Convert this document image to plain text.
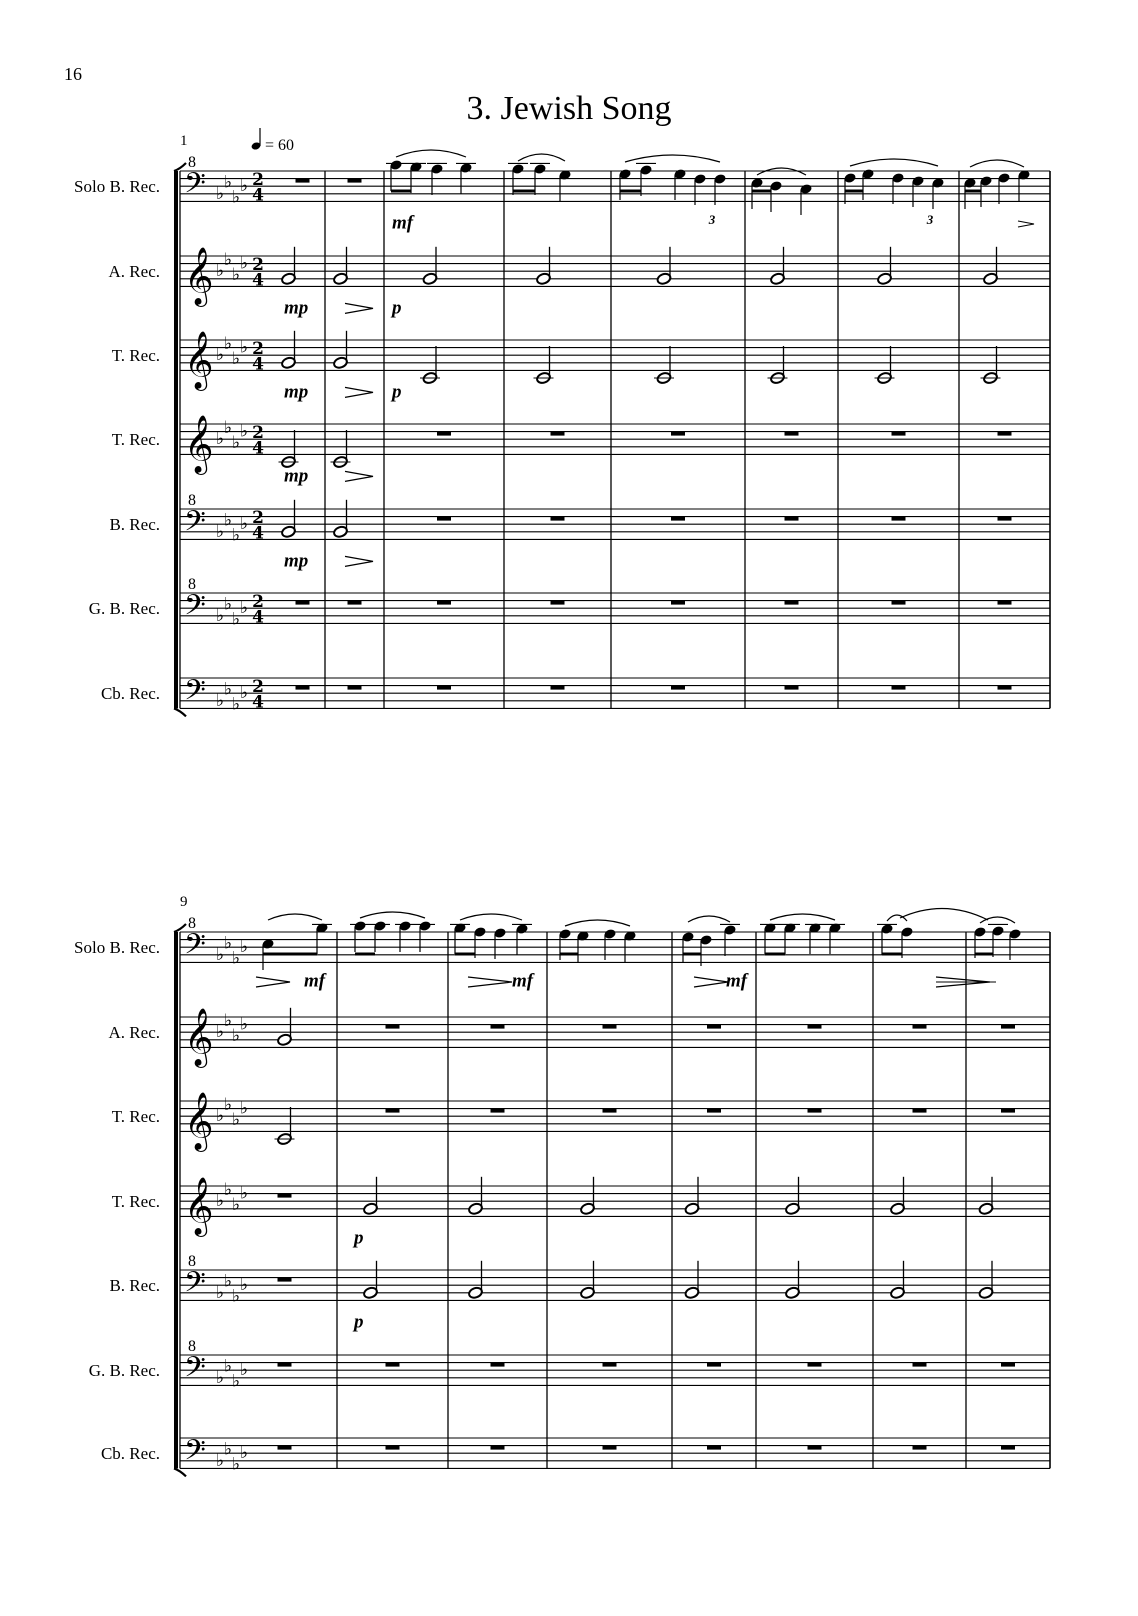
16
3. Jewish Song
1
Solo B. Rec. 𝄢
8
♭
♭
♭
♭
A. Rec. 𝄞 ♭
♭
♭
♭
T. Rec. 𝄞 ♭
♭
♭
♭
T. Rec. 𝄞 ♭
♭
♭
♭
B. Rec. 𝄢
8
♭
♭
♭
♭
G. B. Rec. 𝄢
8
♭
♭
♭
♭
Cb. Rec. 𝄢 ♭
♭
♭
♭
9
Solo B. Rec. 𝄢
8
♭
♭
♭
♭
A. Rec. 𝄞 ♭
♭
♭
♭
T. Rec. 𝄞 ♭
♭
♭
♭
T. Rec. 𝄞 ♭
♭
♭
♭
B. Rec. 𝄢
8
♭
♭
♭
♭
G. B. Rec. 𝄢
8
♭
♭
♭
♭
Cb. Rec. 𝄢 ♭
♭
♭
♭
2
4
2
4
2
4
2
4
2
4
2
4
2
4
= 60
3	3
mf
mp	p
mp	p
mp
mp
mf	mf	mf
p
p
